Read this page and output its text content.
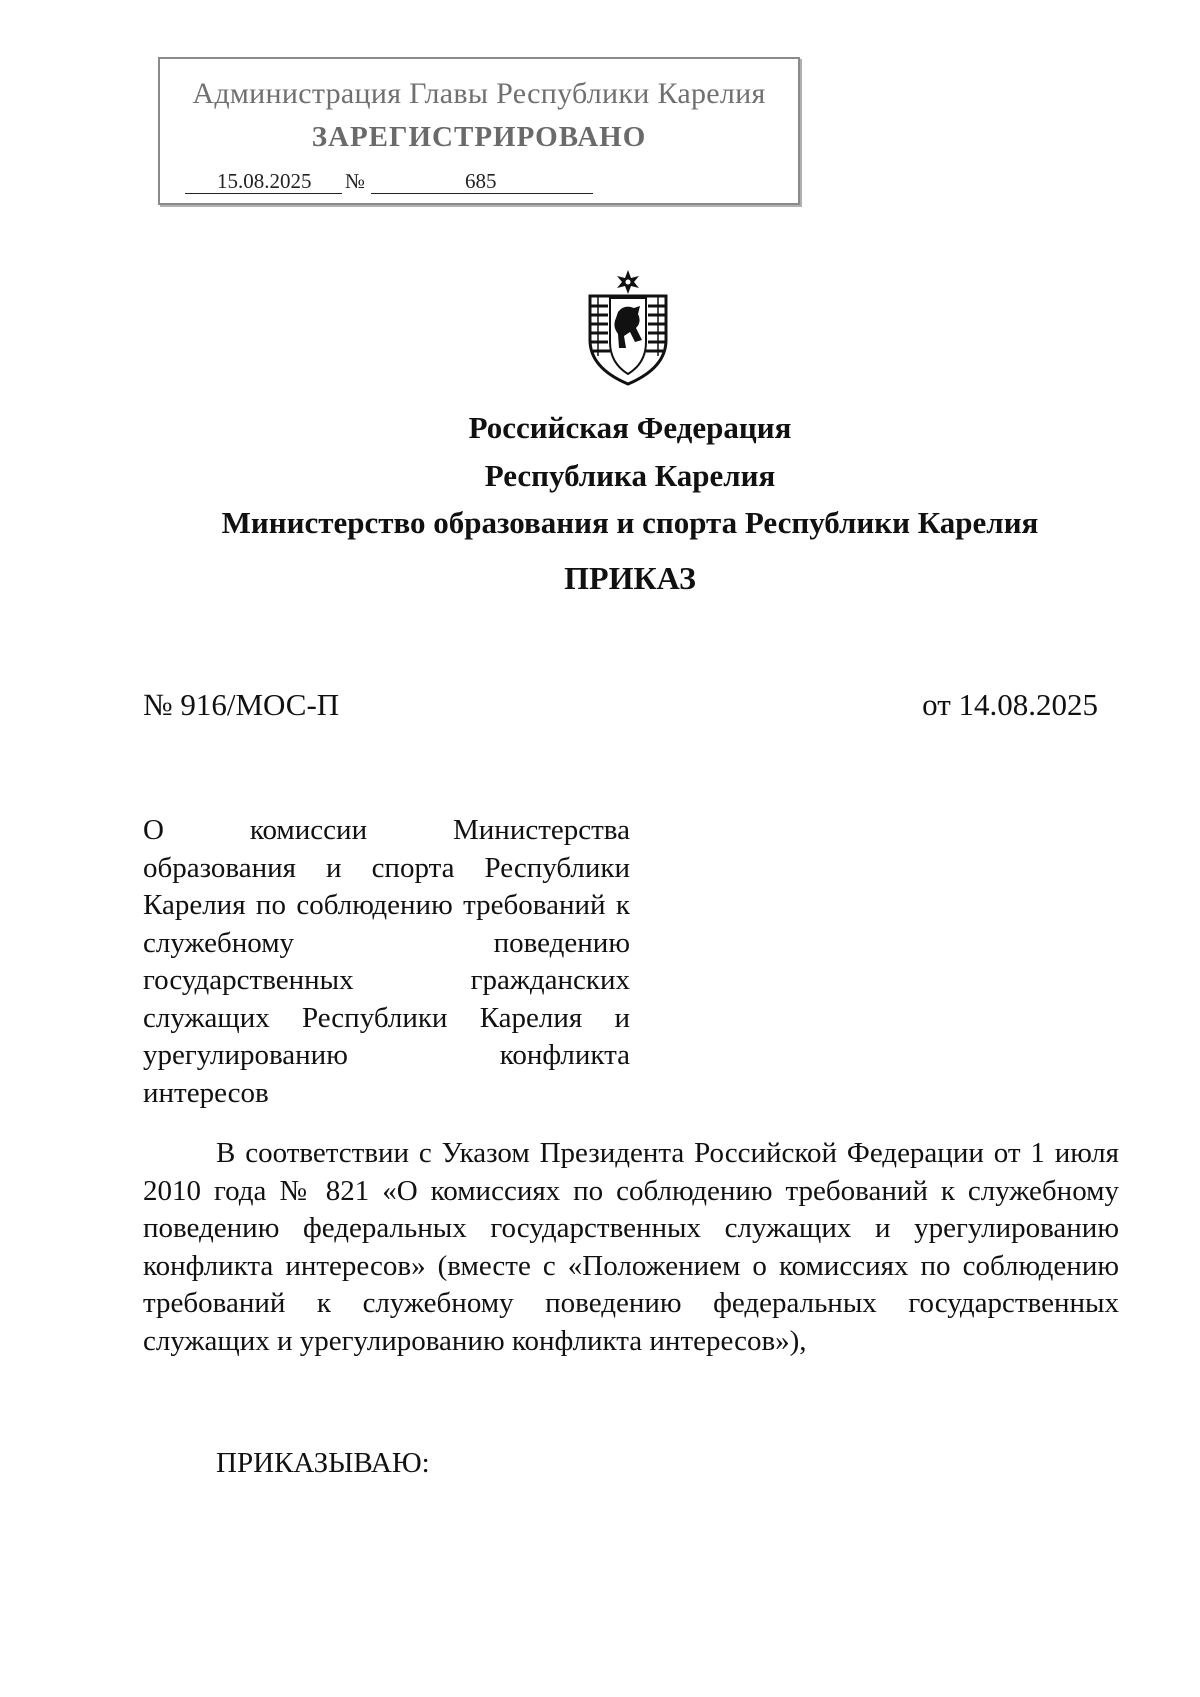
Администрация Главы Республики Карелия
ЗАРЕГИСТРИРОВАНО
15.08.2025 №	685
Российская Федерация
Республика Карелия
Министерство образования и спорта Республики Карелия
ПРИКАЗ
№ 916/МОС-П	от 14.08.2025
О комиссии Министерства образования и спорта Республики Карелия по соблюдению требований к служебному поведению государственных гражданских служащих Республики Карелия и урегулированию конфликта
интересов
В соответствии с Указом Президента Российской Федерации от 1 июля 2010 года № 821 «О комиссиях по соблюдению требований к служебному поведению федеральных государственных служащих и урегулированию конфликта интересов» (вместе с «Положением о комиссиях по соблюдению требований к служебному поведению федеральных государственных служащих и урегулированию конфликта интересов»),
ПРИКАЗЫВАЮ:
